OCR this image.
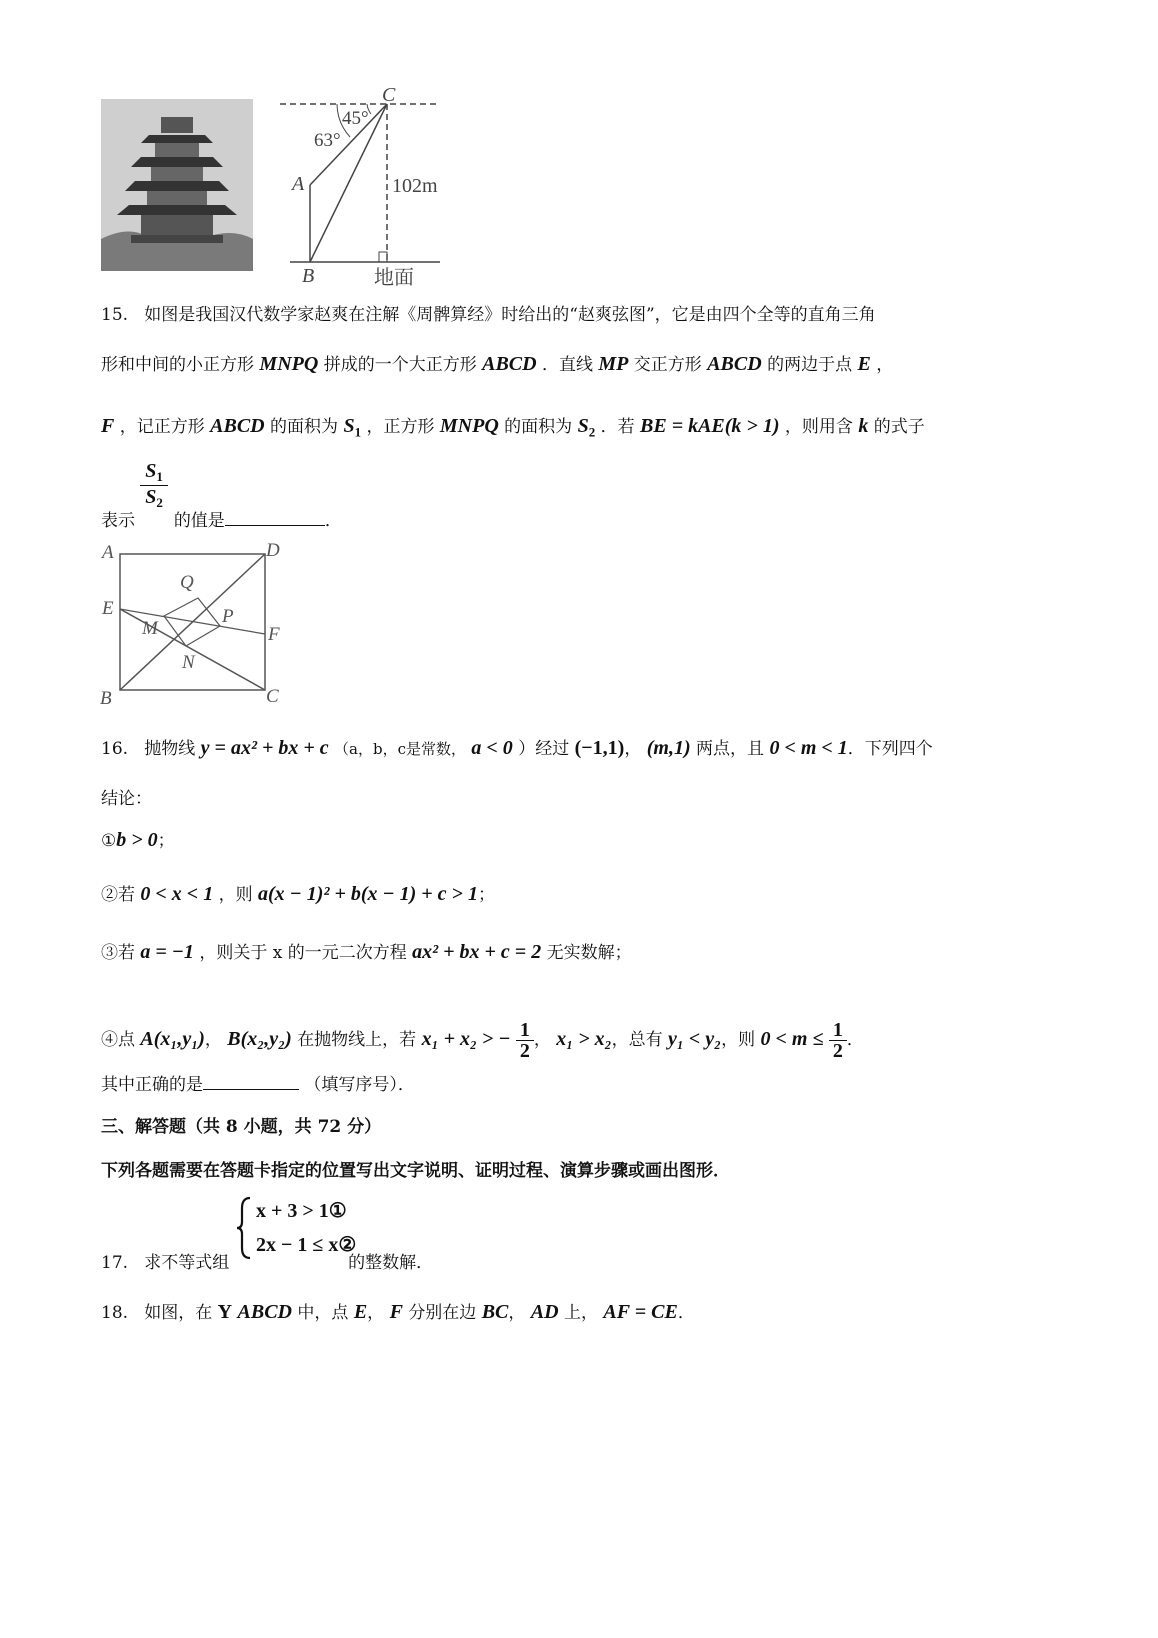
C
45°
63°
A	102m
B	地面
15. 如图是我国汉代数学家赵爽在注解《周髀算经》时给出的“赵爽弦图”，它是由四个全等的直角三角
形和中间的小正方形 MNPQ 拼成的一个大正方形 ABCD ．直线 MP 交正方形 ABCD 的两边于点 E ，
F ，记正方形 ABCD 的面积为 $S_1$ ，正方形 MNPQ 的面积为 $S_2$ ．若 BE = kAE(k > 1) ，则用含 k 的式子
$S_1$
$S_2$
表示 的值是	．
A	D
Q
E
M
P
F
N
B	C
16. 抛物线 y = ax² + bx + c （a，b，c是常数， a < 0 ）经过 (−1,1)， (m,1) 两点，且 0 < m < 1．下列四个
结论：
①b > 0；
②若 0 < x < 1 ，则 a(x − 1)² + b(x − 1) + c > 1；
③若 a = −1 ，则关于 x 的一元二次方程 ax² + bx + c = 2 无实数解；
④点 A(x₁,y₁)， B(x₂,y₂) 在抛物线上，若 x₁ + x₂ > − $\frac{1}{2}$ ， x₁ > x₂，总有 y₁ < y₂，则 $0 < m \le \frac{1}{2}$ ．
其中正确的是	（填写序号）．
三、解答题（共 8 小题，共 72 分）
下列各题需要在答题卡指定的位置写出文字说明、证明过程、演算步骤或画出图形．
x + 3 > 1①
2x − 1 ≤ x②
17. 求不等式组	的整数解．
18. 如图，在 Y ABCD 中，点 E， F 分别在边 BC， AD 上， AF = CE．
